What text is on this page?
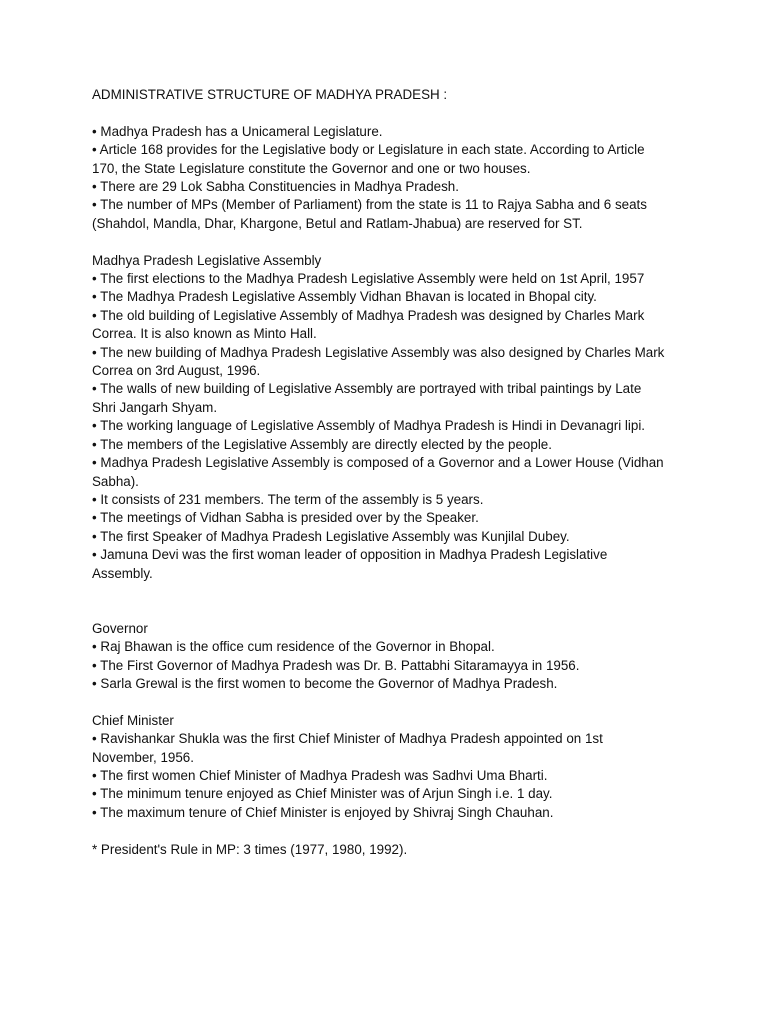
ADMINISTRATIVE STRUCTURE OF MADHYA PRADESH :
• Madhya Pradesh has a Unicameral Legislature.
• Article 168 provides for the Legislative body or Legislature in each state. According to Article
170, the State Legislature constitute the Governor and one or two houses.
• There are 29 Lok Sabha Constituencies in Madhya Pradesh.
• The number of MPs (Member of Parliament) from the state is 11 to Rajya Sabha and 6 seats
(Shahdol, Mandla, Dhar, Khargone, Betul and Ratlam-Jhabua) are reserved for ST.
Madhya Pradesh Legislative Assembly
• The first elections to the Madhya Pradesh Legislative Assembly were held on 1st April, 1957
• The Madhya Pradesh Legislative Assembly Vidhan Bhavan is located in Bhopal city.
• The old building of Legislative Assembly of Madhya Pradesh was designed by Charles Mark
Correa. It is also known as Minto Hall.
• The new building of Madhya Pradesh Legislative Assembly was also designed by Charles Mark
Correa on 3rd August, 1996.
• The walls of new building of Legislative Assembly are portrayed with tribal paintings by Late
Shri Jangarh Shyam.
• The working language of Legislative Assembly of Madhya Pradesh is Hindi in Devanagri lipi.
• The members of the Legislative Assembly are directly elected by the people.
• Madhya Pradesh Legislative Assembly is composed of a Governor and a Lower House (Vidhan
Sabha).
• It consists of 231 members. The term of the assembly is 5 years.
• The meetings of Vidhan Sabha is presided over by the Speaker.
• The first Speaker of Madhya Pradesh Legislative Assembly was Kunjilal Dubey.
• Jamuna Devi was the first woman leader of opposition in Madhya Pradesh Legislative
Assembly.
Governor
• Raj Bhawan is the office cum residence of the Governor in Bhopal.
• The First Governor of Madhya Pradesh was Dr. B. Pattabhi Sitaramayya in 1956.
• Sarla Grewal is the first women to become the Governor of Madhya Pradesh.
Chief Minister
• Ravishankar Shukla was the first Chief Minister of Madhya Pradesh appointed on 1st
November, 1956.
• The first women Chief Minister of Madhya Pradesh was Sadhvi Uma Bharti.
• The minimum tenure enjoyed as Chief Minister was of Arjun Singh i.e. 1 day.
• The maximum tenure of Chief Minister is enjoyed by Shivraj Singh Chauhan.
* President's Rule in MP: 3 times (1977, 1980, 1992).
